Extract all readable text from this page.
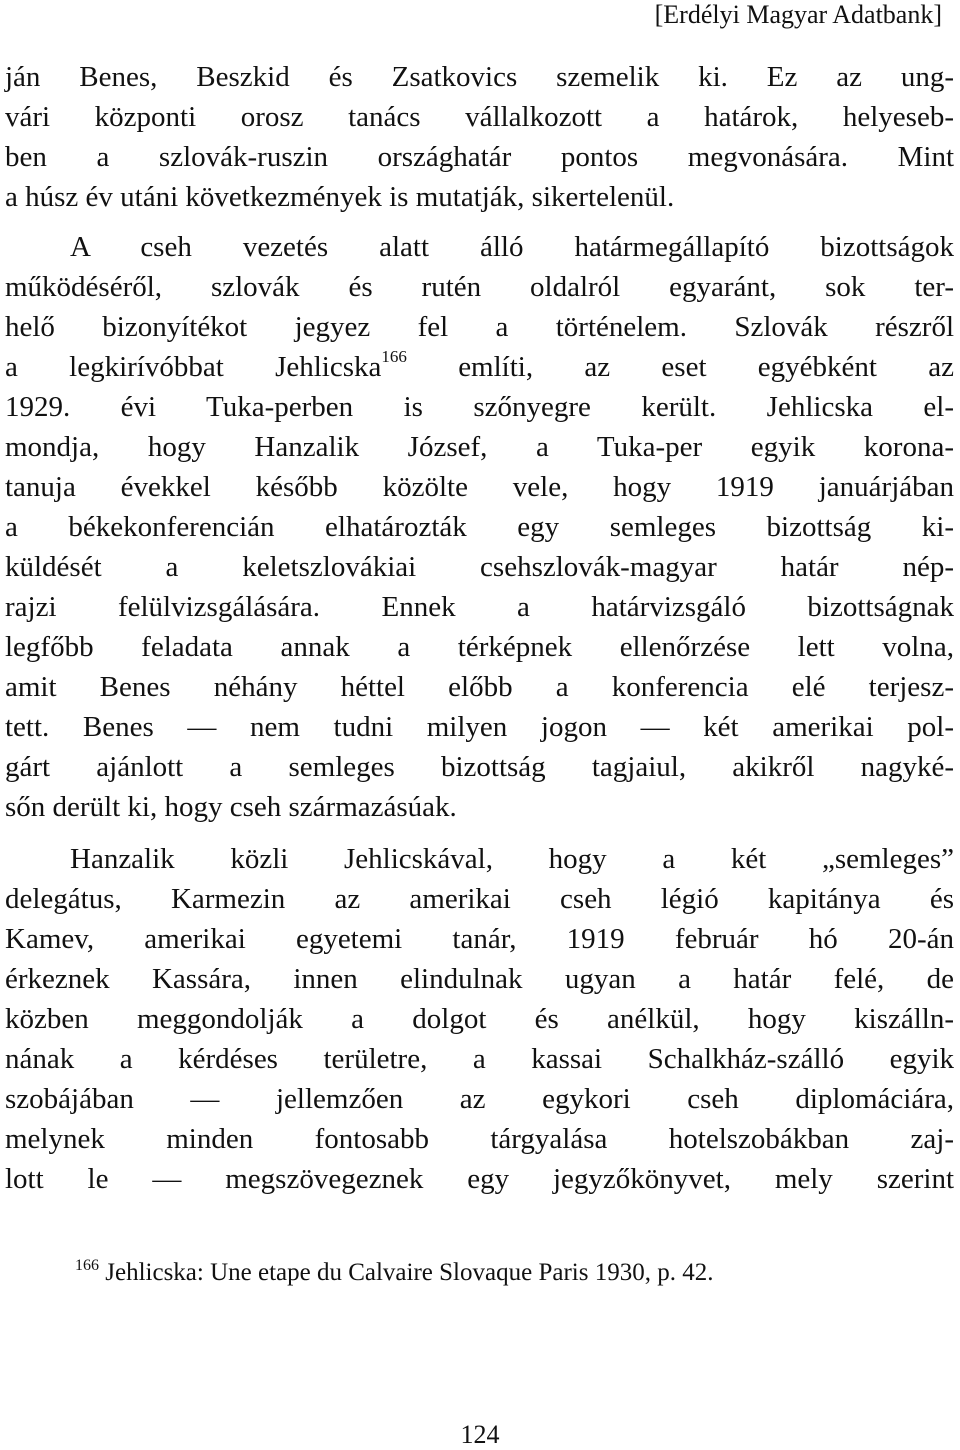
[Erdélyi Magyar Adatbank]
ján Benes, Beszkid és Zsatkovics szemelik ki. Ez az ung-
vári központi orosz tanács vállalkozott a határok, helyeseb-
ben a szlovák-ruszin országhatár pontos megvonására. Mint
a húsz év utáni következmények is mutatják, sikertelenül.
A cseh vezetés alatt álló határmegállapító bizottságok
működéséről, szlovák és rutén oldalról egyaránt, sok ter-
helő bizonyítékot jegyez fel a történelem. Szlovák részről
a legkirívóbbat Jehlicska$^{166}$ említi, az eset egyébként az
1929. évi Tuka-perben is szőnyegre került. Jehlicska el-
mondja, hogy Hanzalik József, a Tuka-per egyik korona-
tanuja évekkel később közölte vele, hogy 1919 januárjában
a békekonferencián elhatározták egy semleges bizottság ki-
küldését a keletszlovákiai csehszlovák-magyar határ nép-
rajzi felülvizsgálására. Ennek a határvizsgáló bizottságnak
legfőbb feladata annak a térképnek ellenőrzése lett volna,
amit Benes néhány héttel előbb a konferencia elé terjesz-
tett. Benes — nem tudni milyen jogon — két amerikai pol-
gárt ajánlott a semleges bizottság tagjaiul, akikről nagyké-
sőn derült ki, hogy cseh származásúak.
Hanzalik közli Jehlicskával, hogy a két „semleges”
delegátus, Karmezin az amerikai cseh légió kapitánya és
Kamev, amerikai egyetemi tanár, 1919 február hó 20-án
érkeznek Kassára, innen elindulnak ugyan a határ felé, de
közben meggondolják a dolgot és anélkül, hogy kiszálln-
nának a kérdéses területre, a kassai Schalkház-szálló egyik
szobájában — jellemzően az egykori cseh diplomáciára,
melynek minden fontosabb tárgyalása hotelszobákban zaj-
lott le — megszövegeznek egy jegyzőkönyvet, mely szerint
$^{166}$ Jehlicska: Une etape du Calvaire Slovaque Paris 1930, p. 42.
124
